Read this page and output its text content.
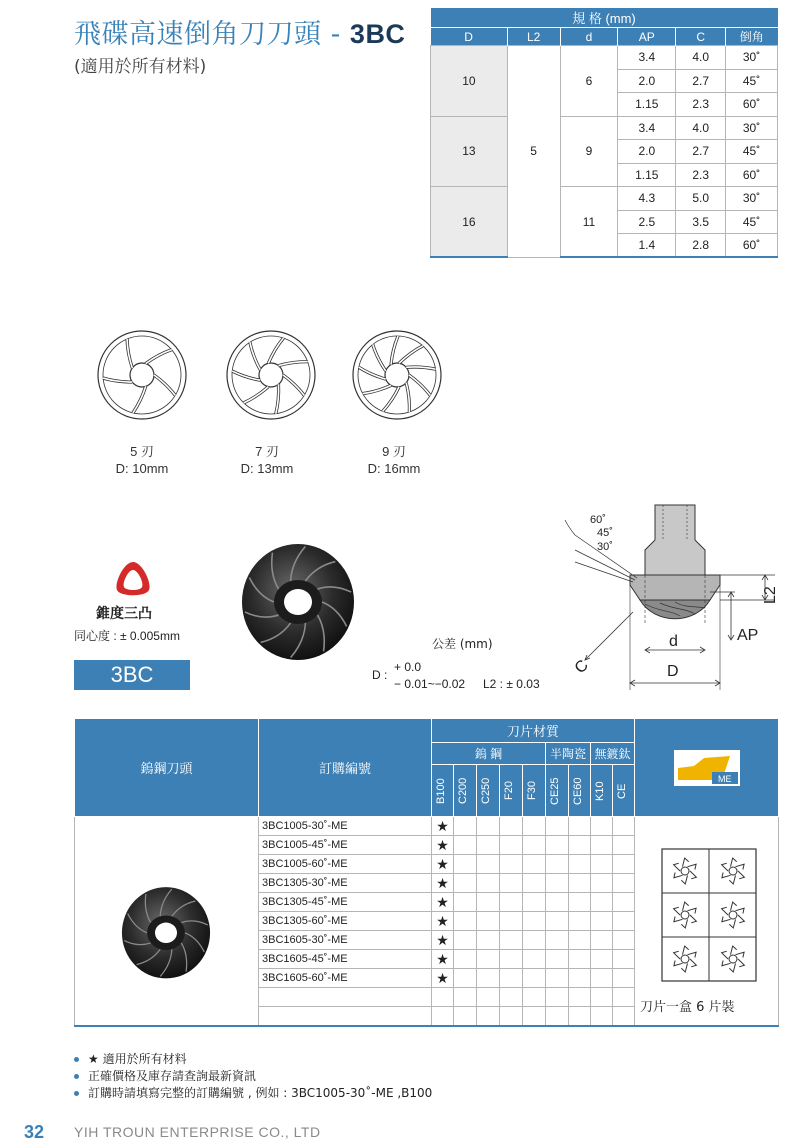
飛碟高速倒角刀刀頭 - 3BC
(適用於所有材料)
規 格 (mm)					
D	L2	d	AP	C	倒角
10	5	6	3.4	4.0	30˚
			2.0	2.7	45˚
			1.15	2.3	60˚
13		9	3.4	4.0	30˚
			2.0	2.7	45˚
			1.15	2.3	60˚
16		11	4.3	5.0	30˚
			2.5	3.5	45˚
			1.4	2.8	60˚
5 刃
D: 10mm
7 刃
D: 13mm
9 刃
D: 16mm
錐度三凸
同心度 : ± 0.005mm
3BC
60˚
45˚
30˚
L2
AP
d
D
C
公差 (mm)
D :
+ 0.0
− 0.01~−0.02 L2 : ± 0.03
鎢鋼刀頭	訂購編號	刀片材質									ME

		鎢 鋼					半陶瓷		無鍍鈦		

		B100	C200	C250	F20	F30	CE25	CE60	K10	CE	

	3BC1005-30˚-ME	★									
	3BC1005-45˚-ME	★									
	3BC1005-60˚-ME	★									
	3BC1305-30˚-ME	★									
	3BC1305-45˚-ME	★									
	3BC1305-60˚-ME	★									
	3BC1605-30˚-ME	★									
	3BC1605-45˚-ME	★									
	3BC1605-60˚-ME	★									

刀片一盒 6 片裝
★ 適用於所有材料
正確價格及庫存請查詢最新資訊
訂購時請填寫完整的訂購編號 , 例如 : 3BC1005-30˚-ME ,B100
32 YIH TROUN ENTERPRISE CO., LTD
